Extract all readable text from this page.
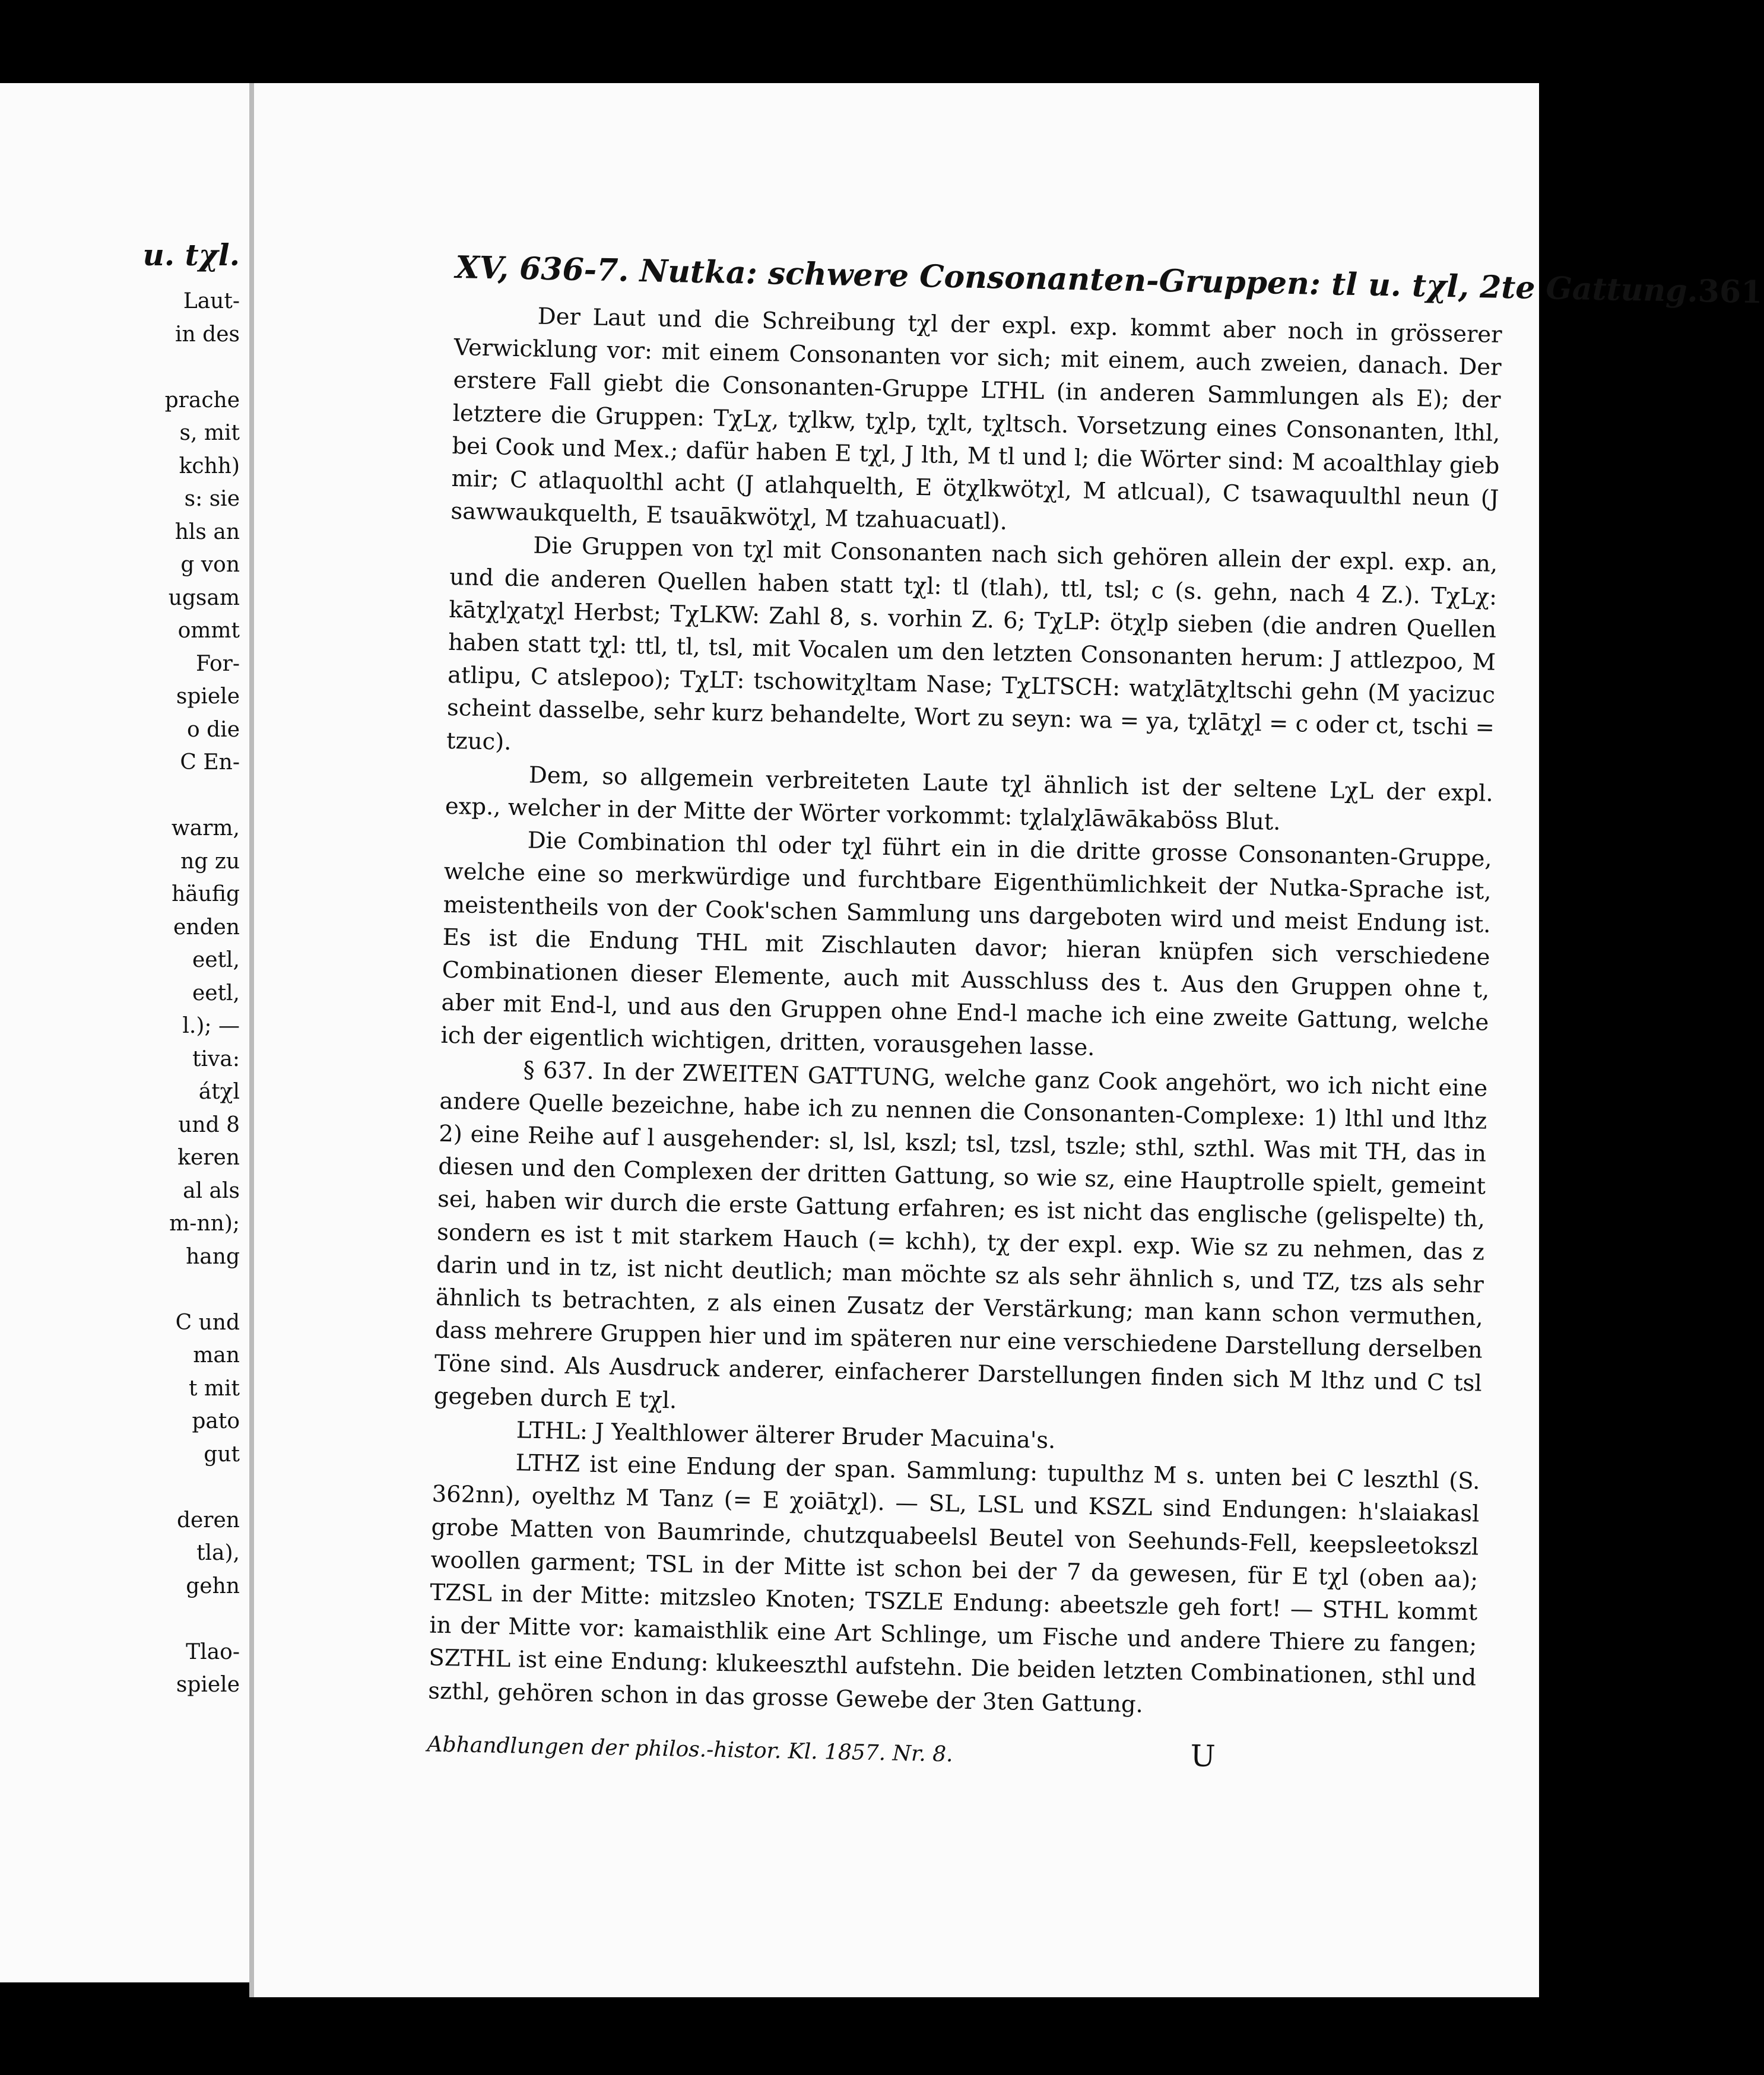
u. tχl.
Laut-
in des
prache
s, mit
kchh)
s: sie
hls an
g von
ugsam
ommt
For-
spiele
o die
C En-
warm,
ng zu
häufig
enden
eetl,
eetl,
l.); —
tiva:
átχl
und 8
keren
al als
m-nn);
hang
C und
man
t mit
pato
gut
deren
tla),
gehn
Tlao-
spiele
XV, 636-7. Nutka: schwere Consonanten-Gruppen: tl u. tχl, 2te Gattung.
361

Der Laut und die Schreibung tχl der expl. exp. kommt aber noch in grösserer Verwicklung vor: mit einem Consonanten vor sich; mit einem, auch zweien, danach. Der erstere Fall giebt die Consonanten-Gruppe LTHL (in anderen Sammlungen als E); der letztere die Gruppen: TχLχ, tχlkw, tχlp, tχlt, tχltsch. Vorsetzung eines Consonanten, lthl, bei Cook und Mex.; dafür haben E tχl, J lth, M tl und l; die Wörter sind: M acoalthlay gieb mir; C atlaquolthl acht (J atlahquelth, E ötχlkwötχl, M atlcual), C tsawaquulthl neun (J sawwaukquelth, E tsauākwötχl, M tzahuacuatl).

Die Gruppen von tχl mit Consonanten nach sich gehören allein der expl. exp. an, und die anderen Quellen haben statt tχl: tl (tlah), ttl, tsl; c (s. gehn, nach 4 Z.). TχLχ: kātχlχatχl Herbst; TχLKW: Zahl 8, s. vorhin Z. 6; TχLP: ötχlp sieben (die andren Quellen haben statt tχl: ttl, tl, tsl, mit Vocalen um den letzten Consonanten herum: J attlezpoo, M atlipu, C atslepoo); TχLT: tschowitχltam Nase; TχLTSCH: watχlātχltschi gehn (M yacizuc scheint dasselbe, sehr kurz behandelte, Wort zu seyn: wa = ya, tχlātχl = c oder ct, tschi = tzuc).

Dem, so allgemein verbreiteten Laute tχl ähnlich ist der seltene LχL der expl. exp., welcher in der Mitte der Wörter vorkommt: tχlalχlāwākaböss Blut.

Die Combination thl oder tχl führt ein in die dritte grosse Consonanten-Gruppe, welche eine so merkwürdige und furchtbare Eigenthümlichkeit der Nutka-Sprache ist, meistentheils von der Cook'schen Sammlung uns dargeboten wird und meist Endung ist. Es ist die Endung THL mit Zischlauten davor; hieran knüpfen sich verschiedene Combinationen dieser Elemente, auch mit Ausschluss des t. Aus den Gruppen ohne t, aber mit End-l, und aus den Gruppen ohne End-l mache ich eine zweite Gattung, welche ich der eigentlich wichtigen, dritten, vorausgehen lasse.

§ 637. In der ZWEITEN GATTUNG, welche ganz Cook angehört, wo ich nicht eine andere Quelle bezeichne, habe ich zu nennen die Consonanten-Complexe: 1) lthl und lthz 2) eine Reihe auf l ausgehender: sl, lsl, kszl; tsl, tzsl, tszle; sthl, szthl. Was mit TH, das in diesen und den Complexen der dritten Gattung, so wie sz, eine Hauptrolle spielt, gemeint sei, haben wir durch die erste Gattung erfahren; es ist nicht das englische (gelispelte) th, sondern es ist t mit starkem Hauch (= kchh), tχ der expl. exp. Wie sz zu nehmen, das z darin und in tz, ist nicht deutlich; man möchte sz als sehr ähnlich s, und TZ, tzs als sehr ähnlich ts betrachten, z als einen Zusatz der Verstärkung; man kann schon vermuthen, dass mehrere Gruppen hier und im späteren nur eine verschiedene Darstellung derselben Töne sind. Als Ausdruck anderer, einfacherer Darstellungen finden sich M lthz und C tsl gegeben durch E tχl.

LTHL: J Yealthlower älterer Bruder Macuina's.

LTHZ ist eine Endung der span. Sammlung: tupulthz M s. unten bei C leszthl (S. 362nn), oyelthz M Tanz (= E χoiātχl). — SL, LSL und KSZL sind Endungen: h'slaiakasl grobe Matten von Baumrinde, chutzquabeelsl Beutel von Seehunds-Fell, keepsleetokszl woollen garment; TSL in der Mitte ist schon bei der 7 da gewesen, für E tχl (oben aa); TZSL in der Mitte: mitzsleo Knoten; TSZLE Endung: abeetszle geh fort! — STHL kommt in der Mitte vor: kamaisthlik eine Art Schlinge, um Fische und andere Thiere zu fangen; SZTHL ist eine Endung: klukeeszthl aufstehn. Die beiden letzten Combinationen, sthl und szthl, gehören schon in das grosse Gewebe der 3ten Gattung.

Abhandlungen der philos.-histor. Kl. 1857. Nr. 8.	U
